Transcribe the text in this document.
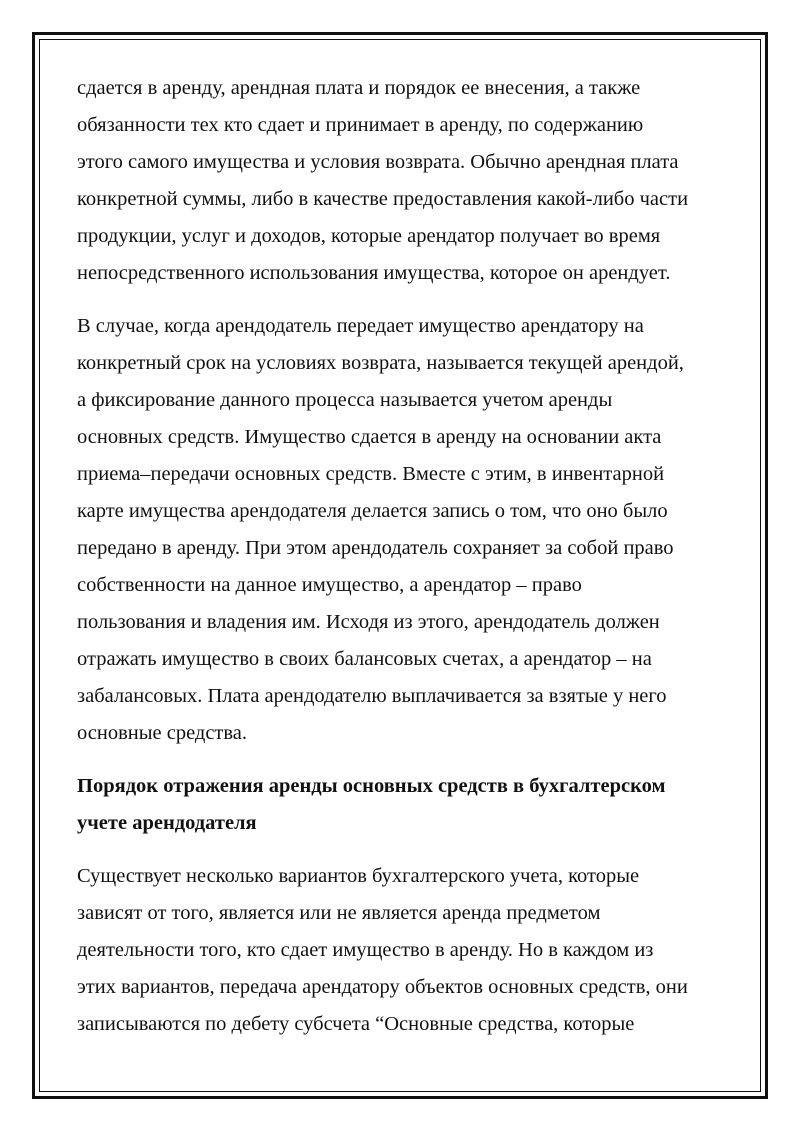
сдается в аренду, арендная плата и порядок ее внесения, а также
обязанности тех кто сдает и принимает в аренду, по содержанию
этого самого имущества и условия возврата. Обычно арендная плата
конкретной суммы, либо в качестве предоставления какой-либо части
продукции, услуг и доходов, которые арендатор получает во время
непосредственного использования имущества, которое он арендует.

В случае, когда арендодатель передает имущество арендатору на
конкретный срок на условиях возврата, называется текущей арендой,
а фиксирование данного процесса называется учетом аренды
основных средств. Имущество сдается в аренду на основании акта
приема–передачи основных средств. Вместе с этим, в инвентарной
карте имущества арендодателя делается запись о том, что оно было
передано в аренду. При этом арендодатель сохраняет за собой право
собственности на данное имущество, а арендатор – право
пользования и владения им. Исходя из этого, арендодатель должен
отражать имущество в своих балансовых счетах, а арендатор – на
забалансовых. Плата арендодателю выплачивается за взятые у него
основные средства.

Порядок отражения аренды основных средств в бухгалтерском
учете арендодателя

Существует несколько вариантов бухгалтерского учета, которые
зависят от того, является или не является аренда предметом
деятельности того, кто сдает имущество в аренду. Но в каждом из
этих вариантов, передача арендатору объектов основных средств, они
записываются по дебету субсчета “Основные средства, которые
